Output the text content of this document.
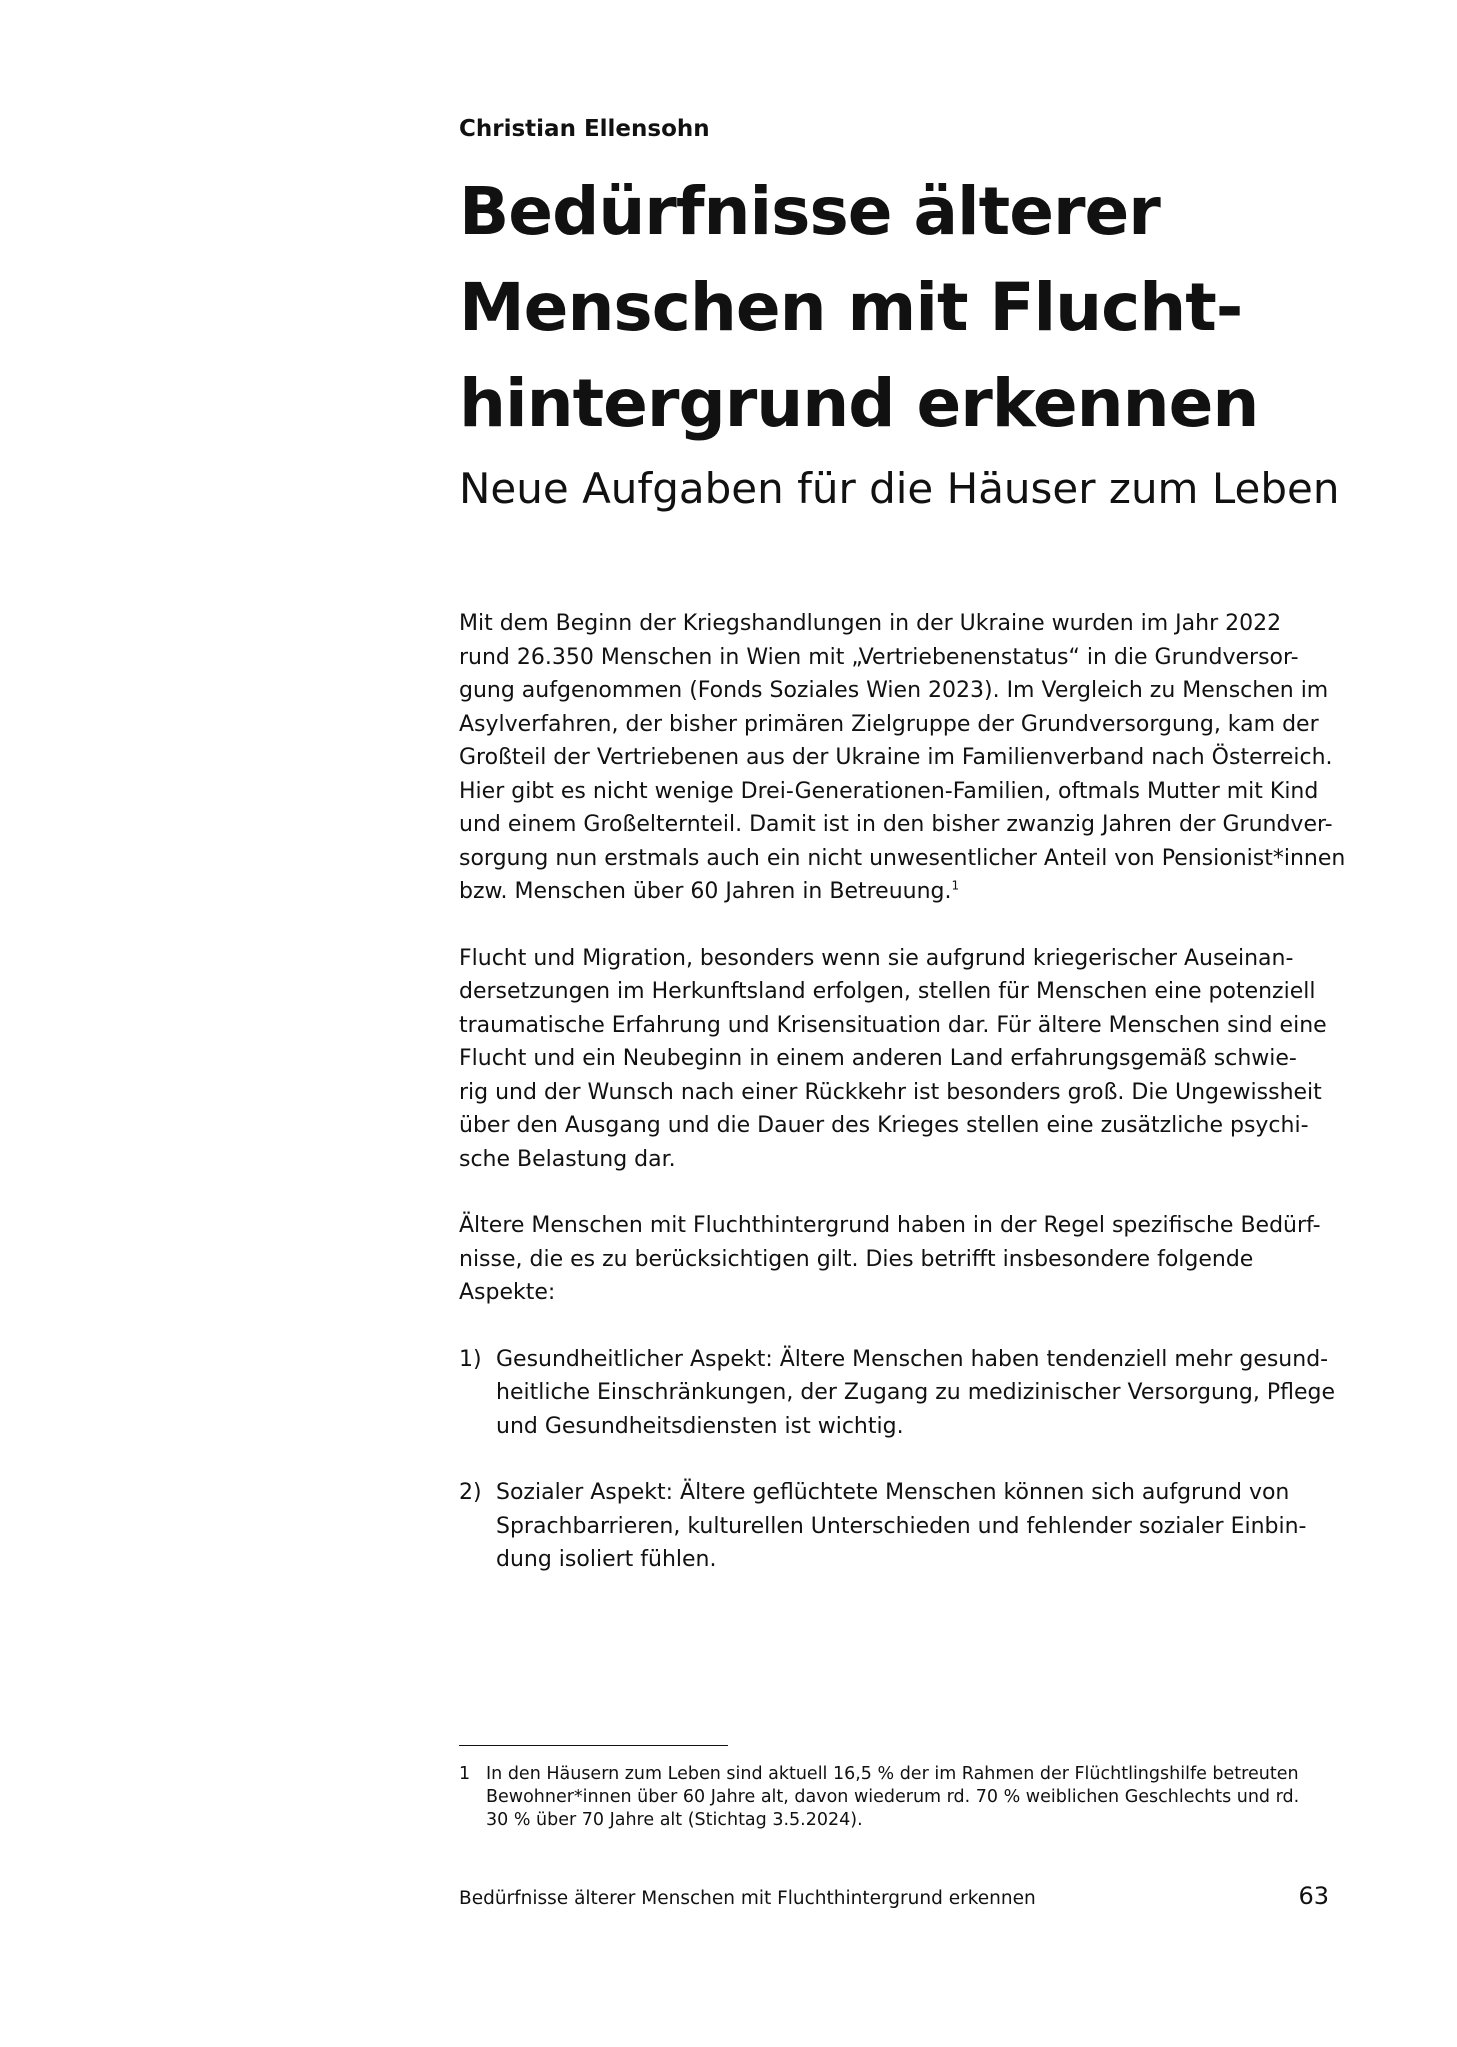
Christian Ellensohn

Bedürfnisse älterer
Menschen mit Flucht-
hintergrund erkennen
Neue Aufgaben für die Häuser zum Leben

Mit dem Beginn der Kriegshandlungen in der Ukraine wurden im Jahr 2022
rund 26.350 Menschen in Wien mit „Vertriebenenstatus“ in die Grundversor-
gung aufgenommen (Fonds Soziales Wien 2023). Im Vergleich zu Menschen im
Asylverfahren, der bisher primären Zielgruppe der Grundversorgung, kam der
Großteil der Vertriebenen aus der Ukraine im Familienverband nach Österreich.
Hier gibt es nicht wenige Drei-Generationen-Familien, oftmals Mutter mit Kind
und einem Großelternteil. Damit ist in den bisher zwanzig Jahren der Grundver-
sorgung nun erstmals auch ein nicht unwesentlicher Anteil von Pensionist*innen
bzw. Menschen über 60 Jahren in Betreuung.$^1$

Flucht und Migration, besonders wenn sie aufgrund kriegerischer Auseinan-
dersetzungen im Herkunftsland erfolgen, stellen für Menschen eine potenziell
traumatische Erfahrung und Krisensituation dar. Für ältere Menschen sind eine
Flucht und ein Neubeginn in einem anderen Land erfahrungsgemäß schwie-
rig und der Wunsch nach einer Rückkehr ist besonders groß. Die Ungewissheit
über den Ausgang und die Dauer des Krieges stellen eine zusätzliche psychi-
sche Belastung dar.

Ältere Menschen mit Fluchthintergrund haben in der Regel spezifische Bedürf-
nisse, die es zu berücksichtigen gilt. Dies betrifft insbesondere folgende
Aspekte:

1) Gesundheitlicher Aspekt: Ältere Menschen haben tendenziell mehr gesund-
heitliche Einschränkungen, der Zugang zu medizinischer Versorgung, Pflege
und Gesundheitsdiensten ist wichtig.
2) Sozialer Aspekt: Ältere geflüchtete Menschen können sich aufgrund von
Sprachbarrieren, kulturellen Unterschieden und fehlender sozialer Einbin-
dung isoliert fühlen.
1 In den Häusern zum Leben sind aktuell 16,5 % der im Rahmen der Flüchtlingshilfe betreuten
Bewohner*innen über 60 Jahre alt, davon wiederum rd. 70 % weiblichen Geschlechts und rd.
30 % über 70 Jahre alt (Stichtag 3.5.2024).
Bedürfnisse älterer Menschen mit Fluchthintergrund erkennen	63
